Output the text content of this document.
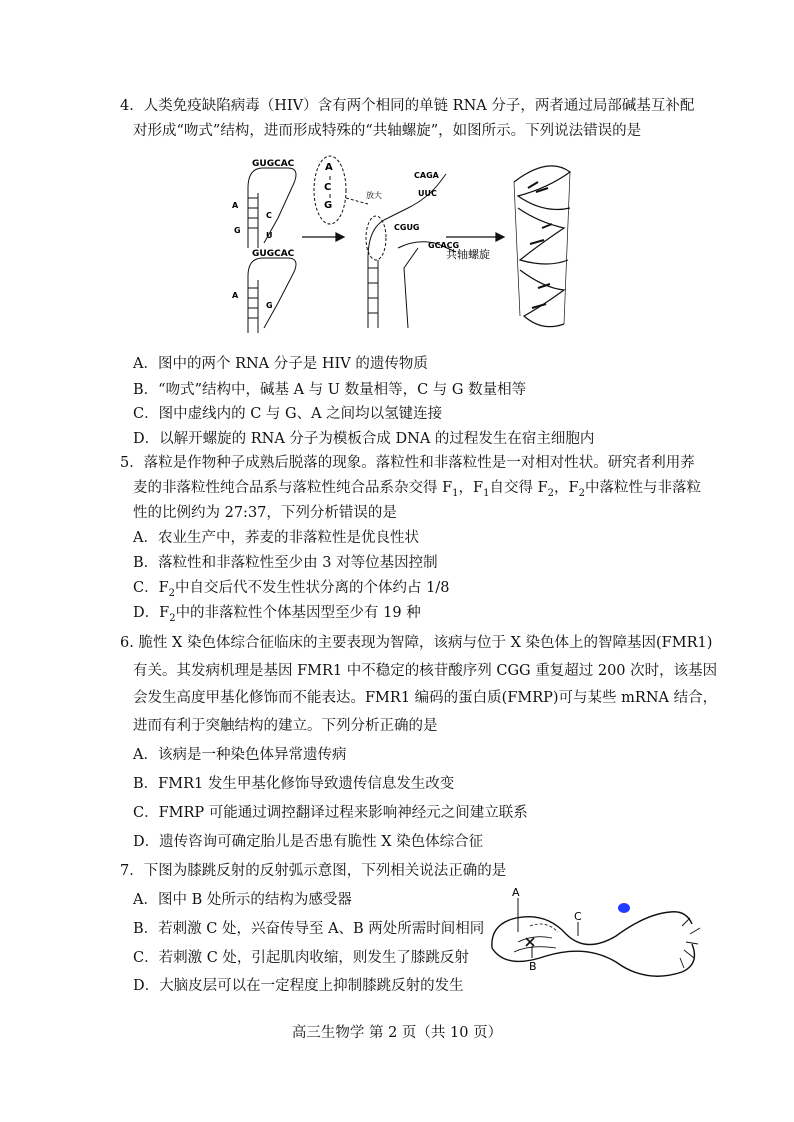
4．人类免疫缺陷病毒（HIV）含有两个相同的单链 RNA 分子，两者通过局部碱基互补配
对形成“吻式”结构，进而形成特殊的“共轴螺旋”，如图所示。下列说法错误的是
GUGCAC
A
G
C
U
GUGCAC
A
G
A
C
G
放大
CAGA
UUC
CGUG
GCACG
共轴螺旋
A．图中的两个 RNA 分子是 HIV 的遗传物质
B．“吻式”结构中，碱基 A 与 U 数量相等，C 与 G 数量相等
C．图中虚线内的 C 与 G、A 之间均以氢键连接
D．以解开螺旋的 RNA 分子为模板合成 DNA 的过程发生在宿主细胞内
5．落粒是作物种子成熟后脱落的现象。落粒性和非落粒性是一对相对性状。研究者利用荞
麦的非落粒性纯合品系与落粒性纯合品系杂交得 $F_1$，$F_1$自交得 $F_2$，$F_2$中落粒性与非落粒
性的比例约为 27:37，下列分析错误的是
A．农业生产中，荞麦的非落粒性是优良性状
B．落粒性和非落粒性至少由 3 对等位基因控制
C．$F_2$中自交后代不发生性状分离的个体约占 1/8
D．$F_2$中的非落粒性个体基因型至少有 19 种
6. 脆性 X 染色体综合征临床的主要表现为智障，该病与位于 X 染色体上的智障基因(FMR1)
有关。其发病机理是基因 FMR1 中不稳定的核苷酸序列 CGG 重复超过 200 次时，该基因
会发生高度甲基化修饰而不能表达。FMR1 编码的蛋白质(FMRP)可与某些 mRNA 结合，
进而有利于突触结构的建立。下列分析正确的是
A．该病是一种染色体异常遗传病
B．FMR1 发生甲基化修饰导致遗传信息发生改变
C．FMRP 可能通过调控翻译过程来影响神经元之间建立联系
D．遗传咨询可确定胎儿是否患有脆性 X 染色体综合征
7．下图为膝跳反射的反射弧示意图，下列相关说法正确的是
A．图中 B 处所示的结构为感受器
B．若刺激 C 处，兴奋传导至 A、B 两处所需时间相同
C．若刺激 C 处，引起肌肉收缩，则发生了膝跳反射
D．大脑皮层可以在一定程度上抑制膝跳反射的发生
A
B
C
高三生物学 第 2 页（共 10 页）
